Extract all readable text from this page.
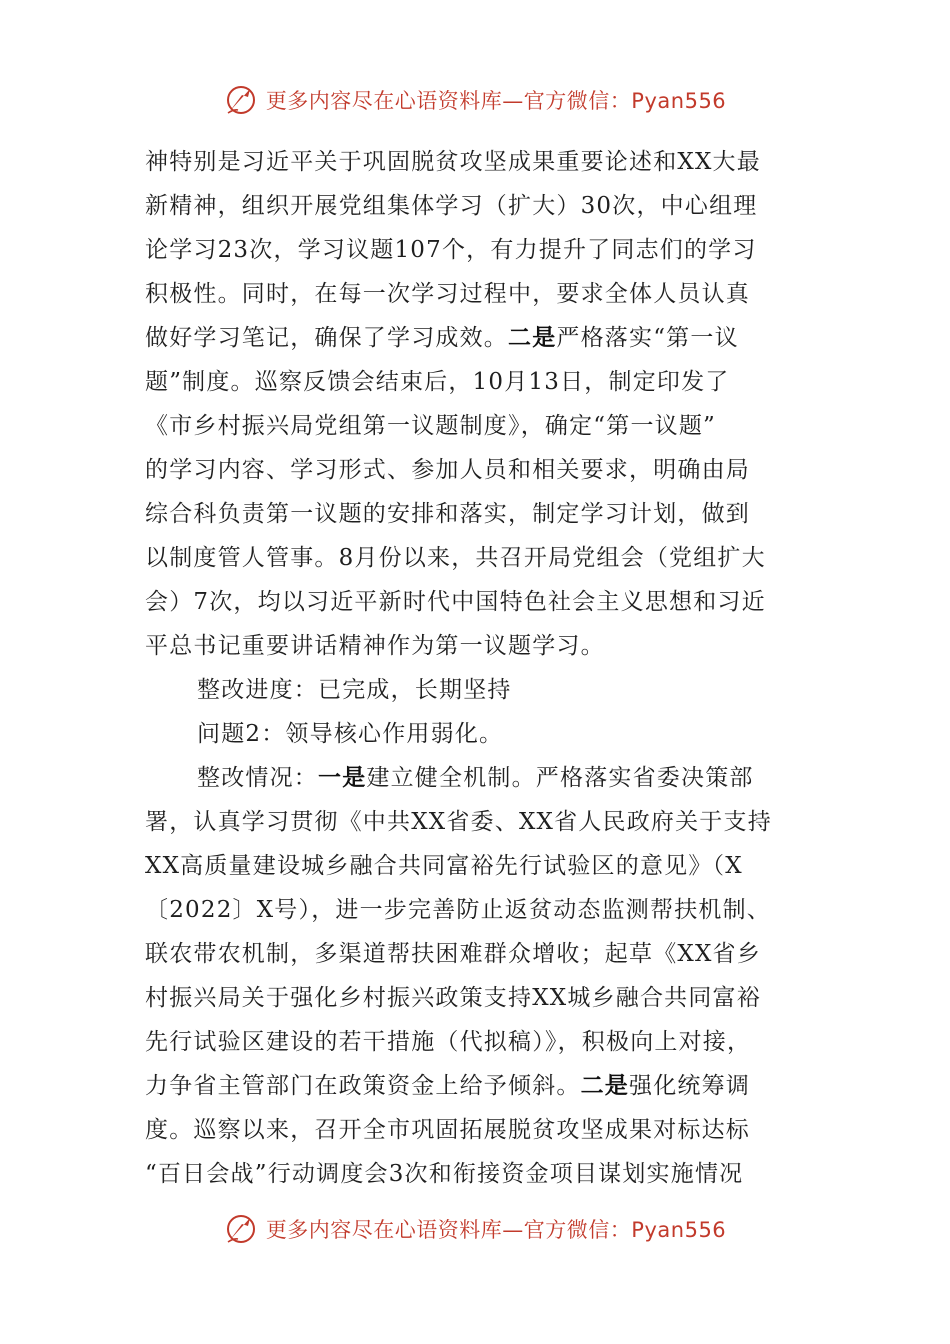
更多内容尽在心语资料库—官方微信：Pyan556
神特别是习近平关于巩固脱贫攻坚成果重要论述和XX大最
新精神，组织开展党组集体学习（扩大）30次，中心组理
论学习23次，学习议题107个，有力提升了同志们的学习
积极性。同时，在每一次学习过程中，要求全体人员认真
做好学习笔记，确保了学习成效。二是严格落实“第一议
题”制度。巡察反馈会结束后，10月13日，制定印发了
《市乡村振兴局党组第一议题制度》，确定“第一议题”
的学习内容、学习形式、参加人员和相关要求，明确由局
综合科负责第一议题的安排和落实，制定学习计划，做到
以制度管人管事。8月份以来，共召开局党组会（党组扩大
会）7次，均以习近平新时代中国特色社会主义思想和习近
平总书记重要讲话精神作为第一议题学习。
整改进度：已完成，长期坚持
问题2：领导核心作用弱化。
整改情况：一是建立健全机制。严格落实省委决策部
署，认真学习贯彻《中共XX省委、XX省人民政府关于支持
XX高质量建设城乡融合共同富裕先行试验区的意见》（X
〔2022〕X号），进一步完善防止返贫动态监测帮扶机制、
联农带农机制，多渠道帮扶困难群众增收；起草《XX省乡
村振兴局关于强化乡村振兴政策支持XX城乡融合共同富裕
先行试验区建设的若干措施（代拟稿）》，积极向上对接，
力争省主管部门在政策资金上给予倾斜。二是强化统筹调
度。巡察以来，召开全市巩固拓展脱贫攻坚成果对标达标
“百日会战”行动调度会3次和衔接资金项目谋划实施情况
更多内容尽在心语资料库—官方微信：Pyan556
